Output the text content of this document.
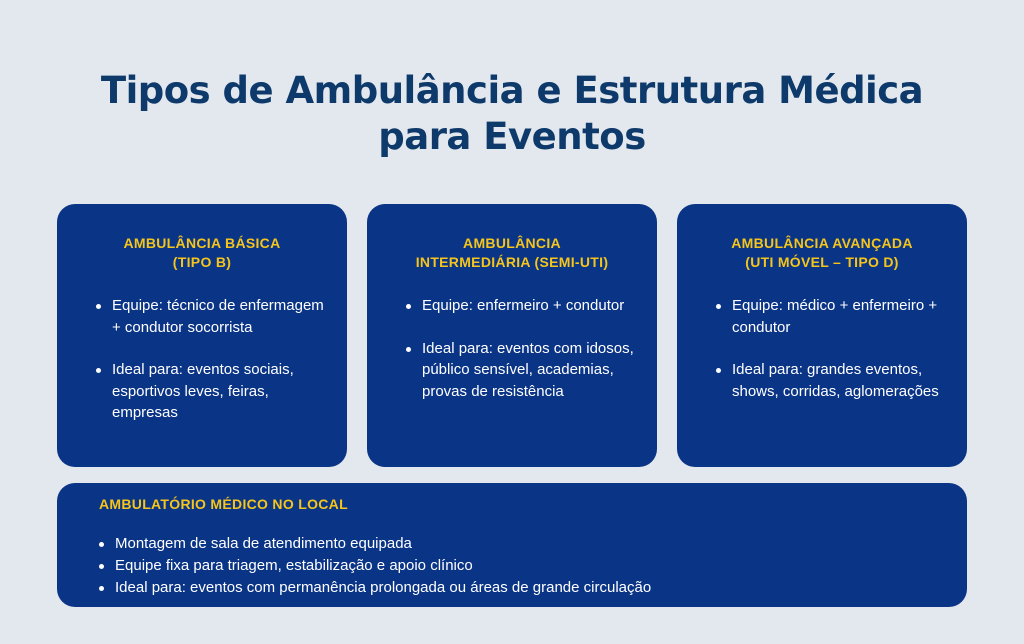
Tipos de Ambulância e Estrutura Médica
para Eventos
AMBULÂNCIA BÁSICA
(TIPO B)
Equipe: técnico de enfermagem + condutor socorrista
Ideal para: eventos sociais, esportivos leves, feiras, empresas
AMBULÂNCIA
INTERMEDIÁRIA (SEMI-UTI)
Equipe: enfermeiro + condutor
Ideal para: eventos com idosos, público sensível, academias, provas de resistência
AMBULÂNCIA AVANÇADA
(UTI MÓVEL – TIPO D)
Equipe: médico + enfermeiro + condutor
Ideal para: grandes eventos, shows, corridas, aglomerações
AMBULATÓRIO MÉDICO NO LOCAL
Montagem de sala de atendimento equipada
Equipe fixa para triagem, estabilização e apoio clínico
Ideal para: eventos com permanência prolongada ou áreas de grande circulação
